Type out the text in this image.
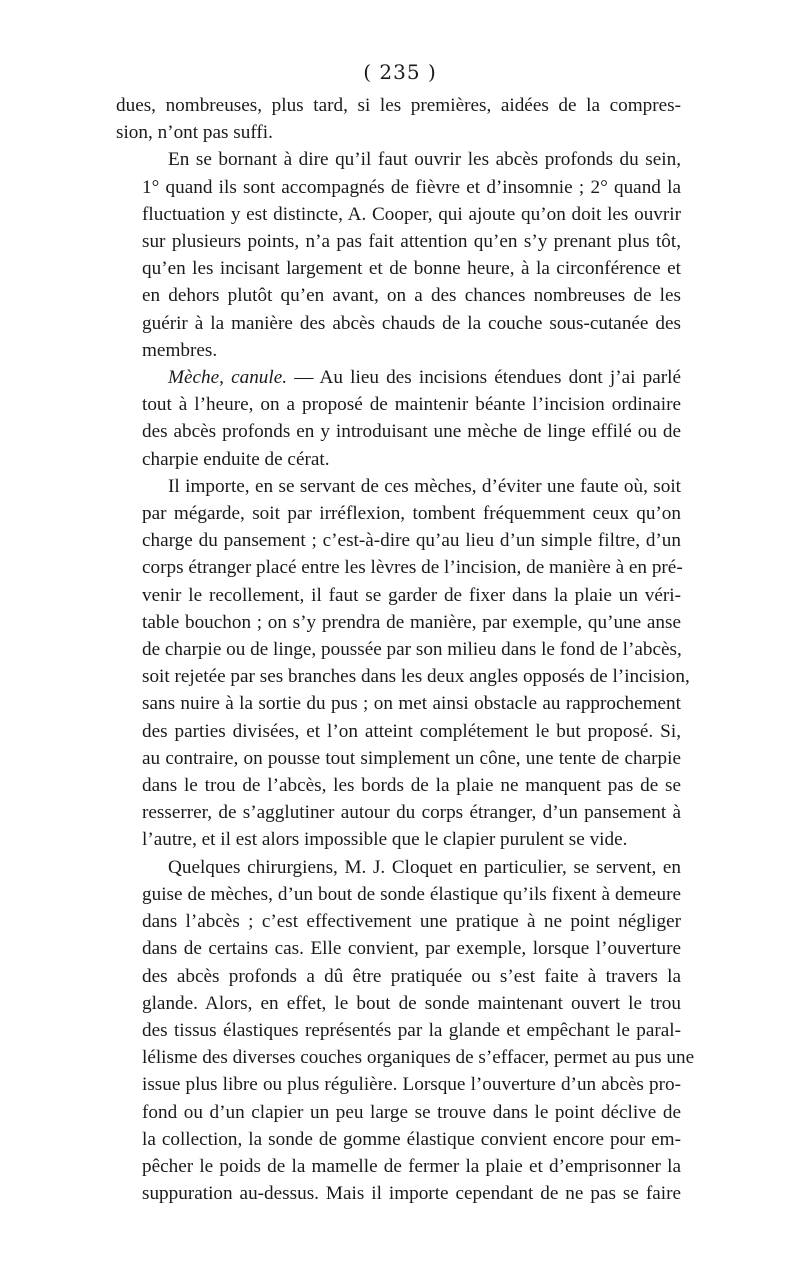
( 235 )
dues, nombreuses, plus tard, si les premières, aidées de la compres-
sion, n’ont pas suffi.
En se bornant à dire qu’il faut ouvrir les abcès profonds du sein,
1° quand ils sont accompagnés de fièvre et d’insomnie ; 2° quand la
fluctuation y est distincte, A. Cooper, qui ajoute qu’on doit les ouvrir
sur plusieurs points, n’a pas fait attention qu’en s’y prenant plus tôt,
qu’en les incisant largement et de bonne heure, à la circonférence et
en dehors plutôt qu’en avant, on a des chances nombreuses de les
guérir à la manière des abcès chauds de la couche sous-cutanée des
membres.
Mèche, canule. — Au lieu des incisions étendues dont j’ai parlé
tout à l’heure, on a proposé de maintenir béante l’incision ordinaire
des abcès profonds en y introduisant une mèche de linge effilé ou de
charpie enduite de cérat.
Il importe, en se servant de ces mèches, d’éviter une faute où, soit
par mégarde, soit par irréflexion, tombent fréquemment ceux qu’on
charge du pansement ; c’est-à-dire qu’au lieu d’un simple filtre, d’un
corps étranger placé entre les lèvres de l’incision, de manière à en pré-
venir le recollement, il faut se garder de fixer dans la plaie un véri-
table bouchon ; on s’y prendra de manière, par exemple, qu’une anse
de charpie ou de linge, poussée par son milieu dans le fond de l’abcès,
soit rejetée par ses branches dans les deux angles opposés de l’incision,
sans nuire à la sortie du pus ; on met ainsi obstacle au rapprochement
des parties divisées, et l’on atteint complétement le but proposé. Si,
au contraire, on pousse tout simplement un cône, une tente de charpie
dans le trou de l’abcès, les bords de la plaie ne manquent pas de se
resserrer, de s’agglutiner autour du corps étranger, d’un pansement à
l’autre, et il est alors impossible que le clapier purulent se vide.
Quelques chirurgiens, M. J. Cloquet en particulier, se servent, en
guise de mèches, d’un bout de sonde élastique qu’ils fixent à demeure
dans l’abcès ; c’est effectivement une pratique à ne point négliger
dans de certains cas. Elle convient, par exemple, lorsque l’ouverture
des abcès profonds a dû être pratiquée ou s’est faite à travers la
glande. Alors, en effet, le bout de sonde maintenant ouvert le trou
des tissus élastiques représentés par la glande et empêchant le paral-
lélisme des diverses couches organiques de s’effacer, permet au pus une
issue plus libre ou plus régulière. Lorsque l’ouverture d’un abcès pro-
fond ou d’un clapier un peu large se trouve dans le point déclive de
la collection, la sonde de gomme élastique convient encore pour em-
pêcher le poids de la mamelle de fermer la plaie et d’emprisonner la
suppuration au-dessus. Mais il importe cependant de ne pas se faire
